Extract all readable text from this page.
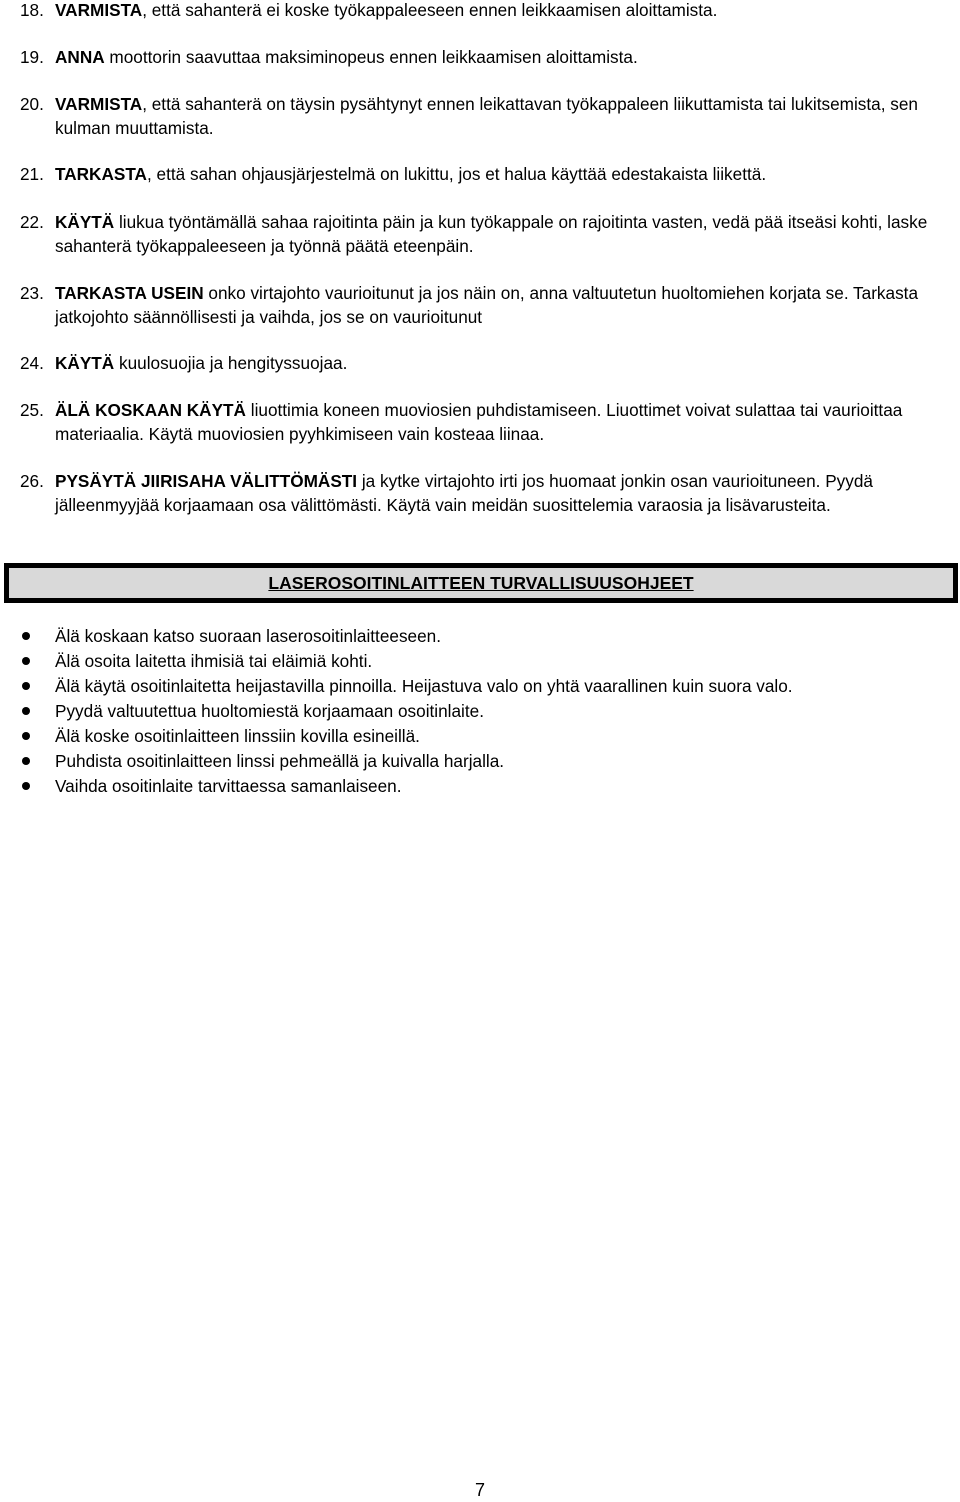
18. VARMISTA, että sahanterä ei koske työkappaleeseen ennen leikkaamisen aloittamista.
19. ANNA moottorin saavuttaa maksiminopeus ennen leikkaamisen aloittamista.
20. VARMISTA, että sahanterä on täysin pysähtynyt ennen leikattavan työkappaleen liikuttamista tai lukitsemista, sen kulman muuttamista.
21. TARKASTA, että sahan ohjausjärjestelmä on lukittu, jos et halua käyttää edestakaista liikettä.
22. KÄYTÄ liukua työntämällä sahaa rajoitinta päin ja kun työkappale on rajoitinta vasten, vedä pää itseäsi kohti, laske sahanterä työkappaleeseen ja työnnä päätä eteenpäin.
23. TARKASTA USEIN onko virtajohto vaurioitunut ja jos näin on, anna valtuutetun huoltomiehen korjata se. Tarkasta jatkojohto säännöllisesti ja vaihda, jos se on vaurioitunut
24. KÄYTÄ kuulosuojia ja hengityssuojaa.
25. ÄLÄ KOSKAAN KÄYTÄ liuottimia koneen muoviosien puhdistamiseen. Liuottimet voivat sulattaa tai vaurioittaa materiaalia. Käytä muoviosien pyyhkimiseen vain kosteaa liinaa.
26. PYSÄYTÄ JIIRISAHA VÄLITTÖMÄSTI ja kytke virtajohto irti jos huomaat jonkin osan vaurioituneen. Pyydä jälleenmyyjää korjaamaan osa välittömästi. Käytä vain meidän suosittelemia varaosia ja lisävarusteita.
LASEROSOITINLAITTEEN TURVALLISUUSOHJEET
Älä koskaan katso suoraan laserosoitinlaitteeseen.
Älä osoita laitetta ihmisiä tai eläimiä kohti.
Älä käytä osoitinlaitetta heijastavilla pinnoilla. Heijastuva valo on yhtä vaarallinen kuin suora valo.
Pyydä valtuutettua huoltomiestä korjaamaan osoitinlaite.
Älä koske osoitinlaitteen linssiin kovilla esineillä.
Puhdista osoitinlaitteen linssi pehmeällä ja kuivalla harjalla.
Vaihda osoitinlaite tarvittaessa samanlaiseen.
7
